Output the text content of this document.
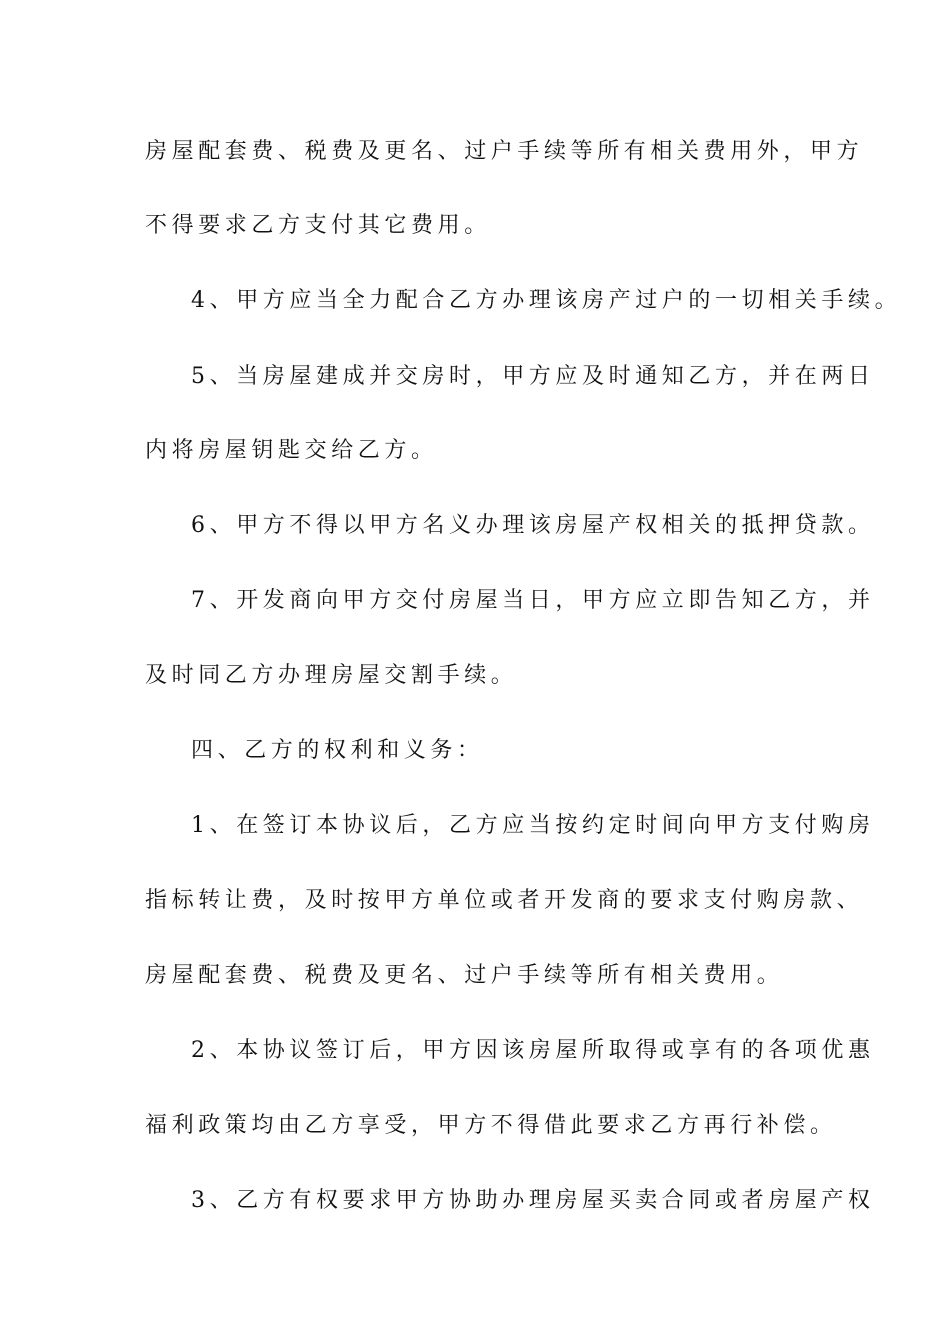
房屋配套费、税费及更名、过户手续等所有相关费用外，甲方

不得要求乙方支付其它费用。

4、甲方应当全力配合乙方办理该房产过户的一切相关手续。

5、当房屋建成并交房时，甲方应及时通知乙方，并在两日

内将房屋钥匙交给乙方。

6、甲方不得以甲方名义办理该房屋产权相关的抵押贷款。

7、开发商向甲方交付房屋当日，甲方应立即告知乙方，并

及时同乙方办理房屋交割手续。

四、乙方的权利和义务：

1、在签订本协议后，乙方应当按约定时间向甲方支付购房

指标转让费，及时按甲方单位或者开发商的要求支付购房款、

房屋配套费、税费及更名、过户手续等所有相关费用。

2、本协议签订后，甲方因该房屋所取得或享有的各项优惠

福利政策均由乙方享受，甲方不得借此要求乙方再行补偿。

3、乙方有权要求甲方协助办理房屋买卖合同或者房屋产权
